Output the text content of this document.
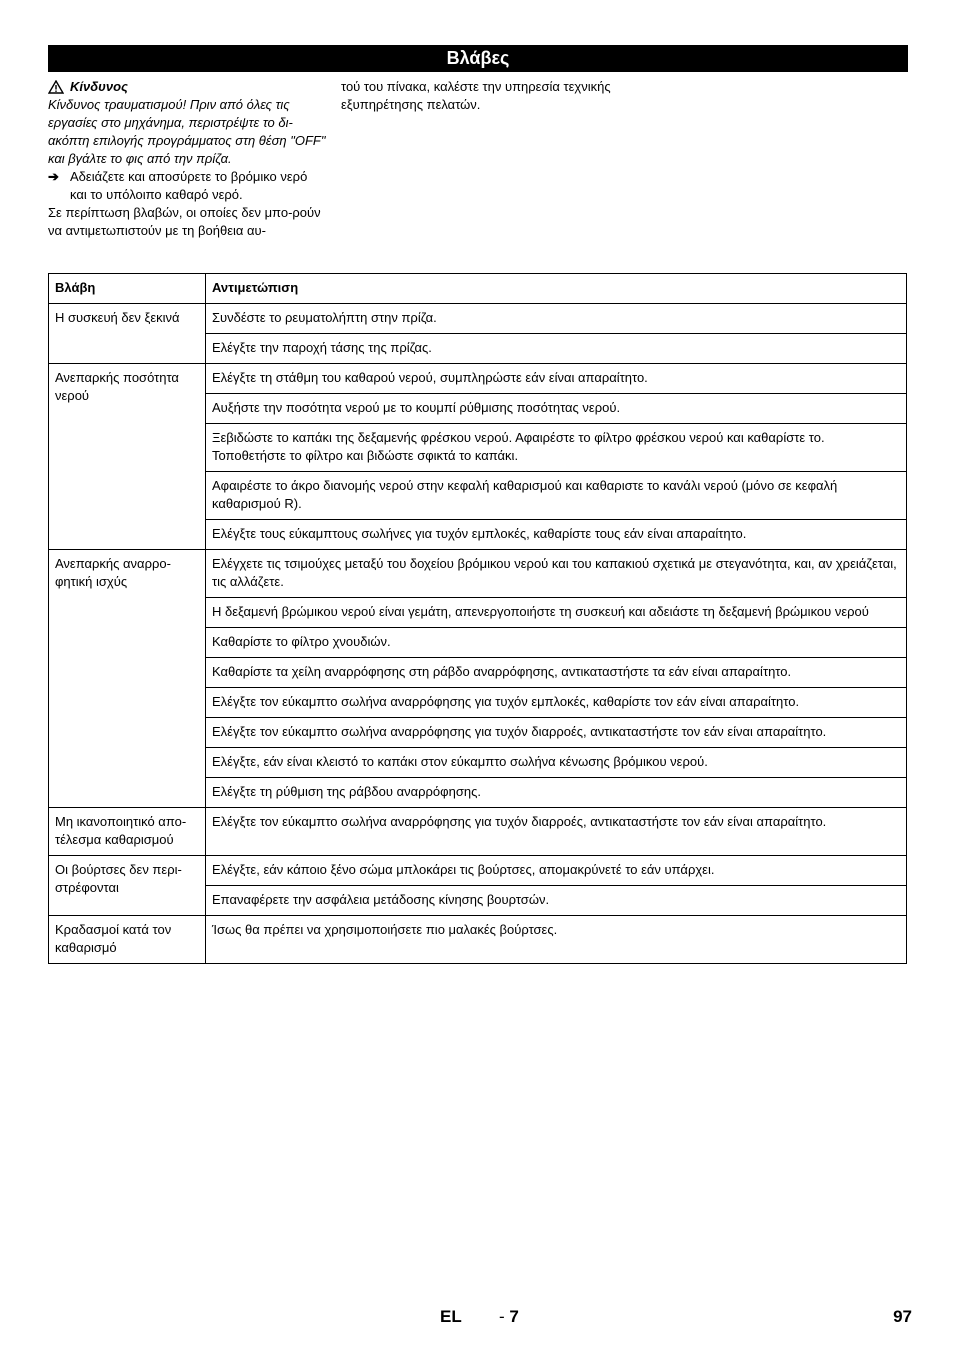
Βλάβες
Κίνδυνος

Κίνδυνος τραυματισμού! Πριν από όλες τις εργασίες στο μηχάνημα, περιστρέψτε το δι-ακόπτη επιλογής προγράμματος στη θέση "OFF" και βγάλτε το φις από την πρίζα.

➔ Αδειάζετε και αποσύρετε το βρόμικο νερό και το υπόλοιπο καθαρό νερό.

Σε περίπτωση βλαβών, οι οποίες δεν μπο-ρούν να αντιμετωπιστούν με τη βοήθεια αυ-

τού του πίνακα, καλέστε την υπηρεσία τεχνικής εξυπηρέτησης πελατών.

Βλάβη	Αντιμετώπιση
Η συσκευή δεν ξεκινά	Συνδέστε το ρευματολήπτη στην πρίζα.
	Ελέγξτε την παροχή τάσης της πρίζας.
Ανεπαρκής ποσότητα νερού	Ελέγξτε τη στάθμη του καθαρού νερού, συμπληρώστε εάν είναι απαραίτητο.
	Αυξήστε την ποσότητα νερού με το κουμπί ρύθμισης ποσότητας νερού.
	Ξεβιδώστε το καπάκι της δεξαμενής φρέσκου νερού. Αφαιρέστε το φίλτρο φρέσκου νερού και καθαρίστε το. Τοποθετήστε το φίλτρο και βιδώστε σφικτά το καπάκι.
	Αφαιρέστε το άκρο διανομής νερού στην κεφαλή καθαρισμού και καθαριστε το κανάλι νερού (μόνο σε κεφαλή καθαρισμού R).
	Ελέγξτε τους εύκαμπτους σωλήνες για τυχόν εμπλοκές, καθαρίστε τους εάν είναι απαραίτητο.
Ανεπαρκής αναρρο-φητική ισχύς	Ελέγχετε τις τσιμούχες μεταξύ του δοχείου βρόμικου νερού και του καπακιού σχετικά με στεγανότητα, και, αν χρειάζεται, τις αλλάζετε.
	Η δεξαμενή βρώμικου νερού είναι γεμάτη, απενεργοποιήστε τη συσκευή και αδειάστε τη δεξαμενή βρώμικου νερού
	Καθαρίστε το φίλτρο χνουδιών.
	Καθαρίστε τα χείλη αναρρόφησης στη ράβδο αναρρόφησης, αντικαταστήστε τα εάν είναι απαραίτητο.
	Ελέγξτε τον εύκαμπτο σωλήνα αναρρόφησης για τυχόν εμπλοκές, καθαρίστε τον εάν είναι απαραίτητο.
	Ελέγξτε τον εύκαμπτο σωλήνα αναρρόφησης για τυχόν διαρροές, αντικαταστήστε τον εάν είναι απαραίτητο.
	Ελέγξτε, εάν είναι κλειστό το καπάκι στον εύκαμπτο σωλήνα κένωσης βρόμικου νερού.
	Ελέγξτε τη ρύθμιση της ράβδου αναρρόφησης.
Μη ικανοποιητικό απο-τέλεσμα καθαρισμού	Ελέγξτε τον εύκαμπτο σωλήνα αναρρόφησης για τυχόν διαρροές, αντικαταστήστε τον εάν είναι απαραίτητο.
Οι βούρτσες δεν περι-στρέφονται	Ελέγξτε, εάν κάποιο ξένο σώμα μπλοκάρει τις βούρτσες, απομακρύνετέ το εάν υπάρχει.
	Επαναφέρετε την ασφάλεια μετάδοσης κίνησης βουρτσών.
Κραδασμοί κατά τον καθαρισμό	Ίσως θα πρέπει να χρησιμοποιήσετε πιο μαλακές βούρτσες.
EL - 7	97
